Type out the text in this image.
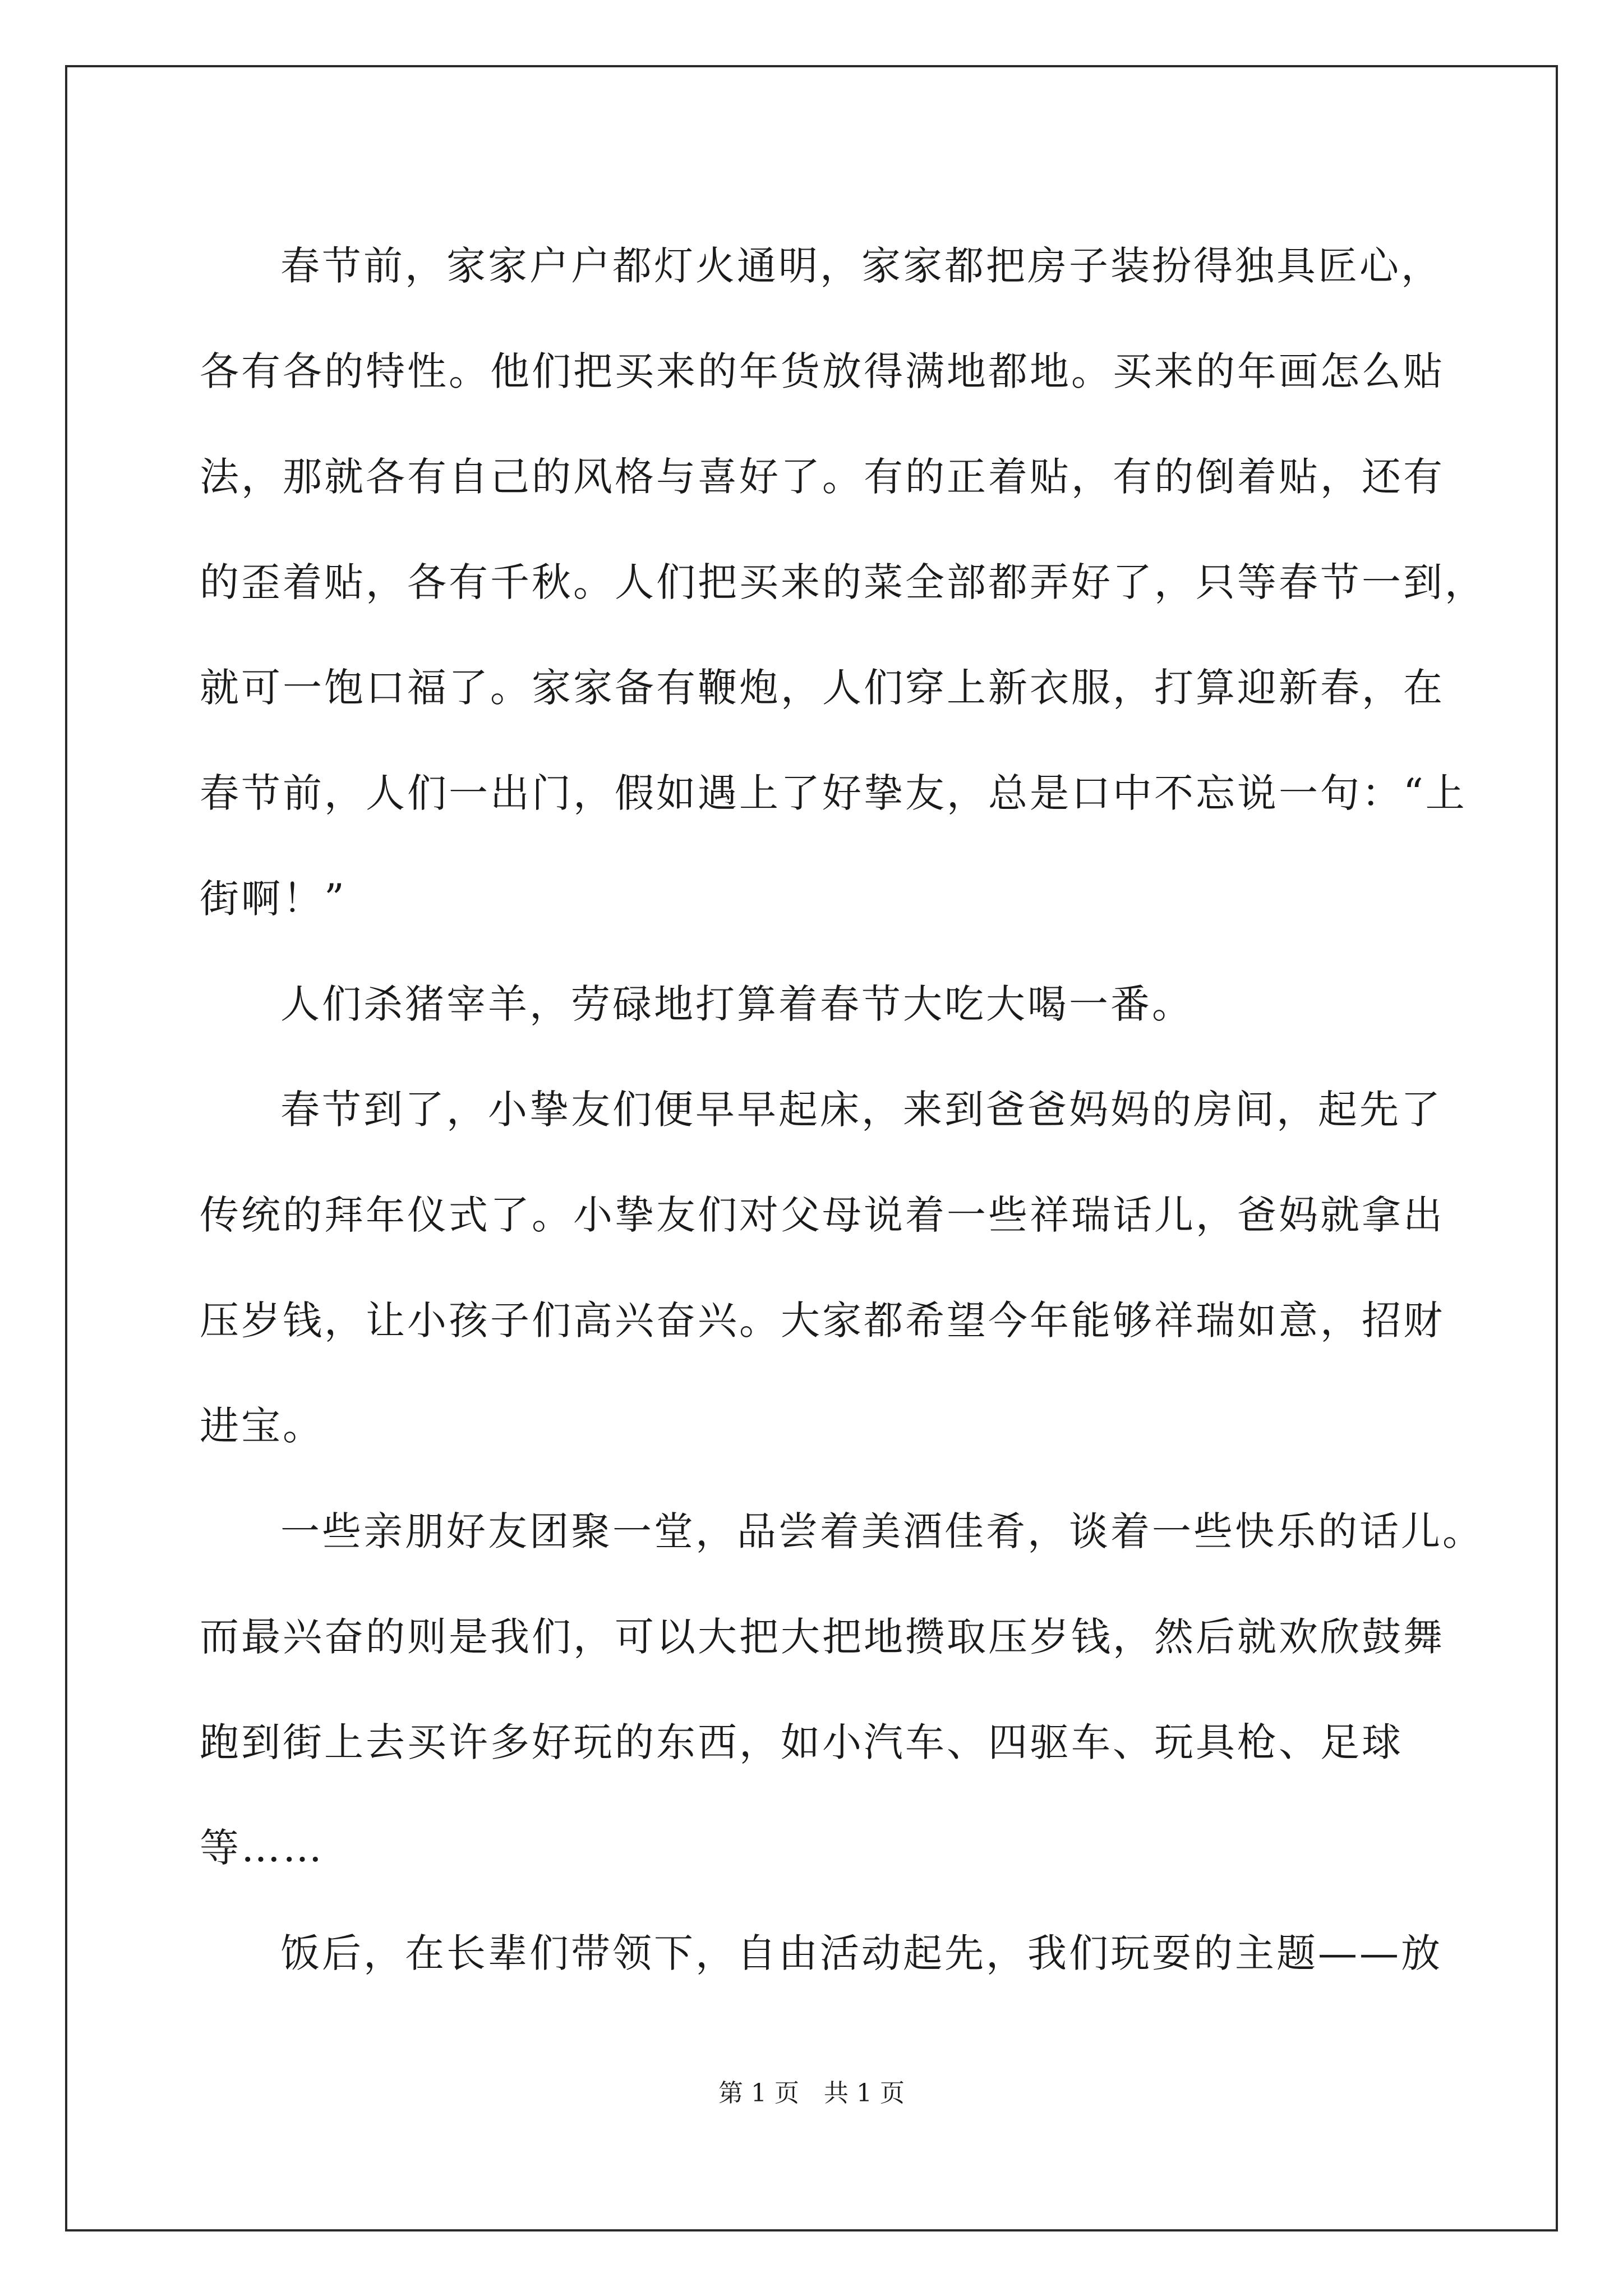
春节前，家家户户都灯火通明，家家都把房子装扮得独具匠心，
各有各的特性。他们把买来的年货放得满地都地。买来的年画怎么贴
法，那就各有自己的风格与喜好了。有的正着贴，有的倒着贴，还有
的歪着贴，各有千秋。人们把买来的菜全部都弄好了，只等春节一到，
就可一饱口福了。家家备有鞭炮，人们穿上新衣服，打算迎新春，在
春节前，人们一出门，假如遇上了好挚友，总是口中不忘说一句：“上
街啊！”
人们杀猪宰羊，劳碌地打算着春节大吃大喝一番。
春节到了，小挚友们便早早起床，来到爸爸妈妈的房间，起先了
传统的拜年仪式了。小挚友们对父母说着一些祥瑞话儿，爸妈就拿出
压岁钱，让小孩子们高兴奋兴。大家都希望今年能够祥瑞如意，招财
进宝。
一些亲朋好友团聚一堂，品尝着美酒佳肴，谈着一些快乐的话儿。
而最兴奋的则是我们，可以大把大把地攒取压岁钱，然后就欢欣鼓舞
跑到街上去买许多好玩的东西，如小汽车、四驱车、玩具枪、足球
等……
饭后，在长辈们带领下，自由活动起先，我们玩耍的主题——放
第 1 页　共 1 页
